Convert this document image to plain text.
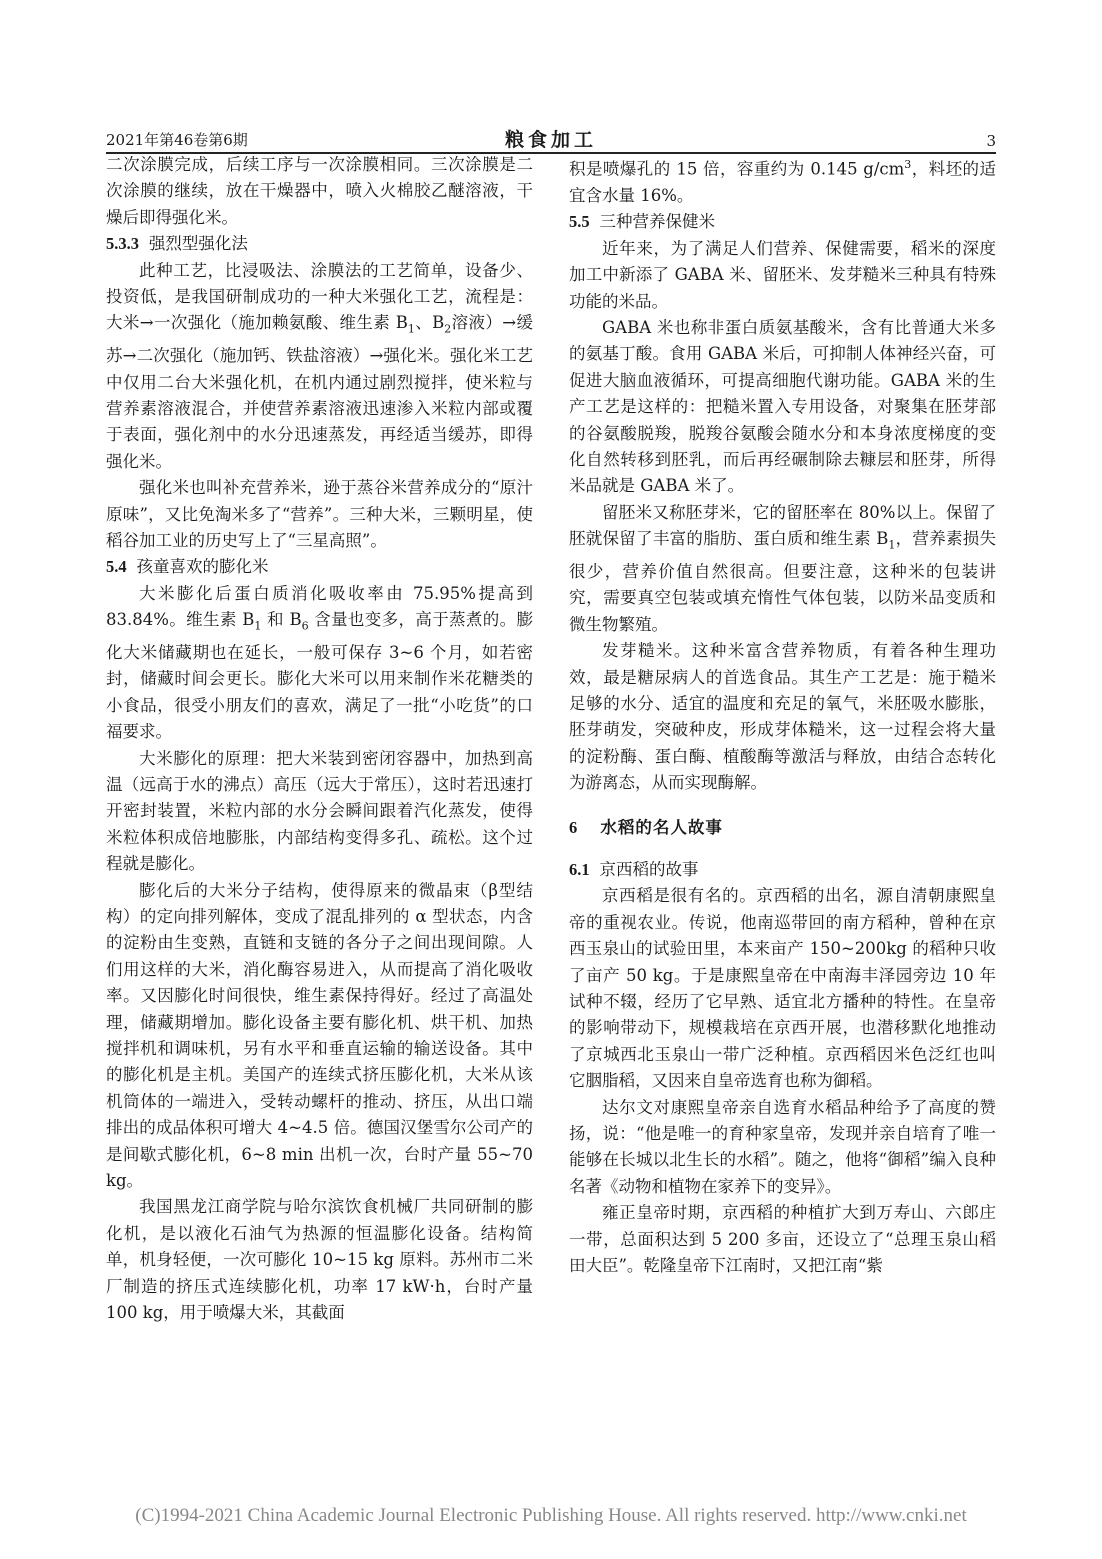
2021年第46卷第6期	粮食加工	3

二次涂膜完成，后续工序与一次涂膜相同。三次涂膜是二次涂膜的继续，放在干燥器中，喷入火棉胶乙醚溶液，干燥后即得强化米。

5.3.3 强烈型强化法

此种工艺，比浸吸法、涂膜法的工艺简单，设备少、投资低，是我国研制成功的一种大米强化工艺，流程是：大米→一次强化（施加赖氨酸、维生素 $B_1$、$B_2$溶液）→缓苏→二次强化（施加钙、铁盐溶液）→强化米。强化米工艺中仅用二台大米强化机，在机内通过剧烈搅拌，使米粒与营养素溶液混合，并使营养素溶液迅速渗入米粒内部或覆于表面，强化剂中的水分迅速蒸发，再经适当缓苏，即得强化米。

强化米也叫补充营养米，逊于蒸谷米营养成分的“原汁原味”，又比免淘米多了“营养”。三种大米，三颗明星，使稻谷加工业的历史写上了“三星高照”。

5.4 孩童喜欢的膨化米

大米膨化后蛋白质消化吸收率由 75.95%提高到 83.84%。维生素 $B_1$ 和 $B_6$ 含量也变多，高于蒸煮的。膨化大米储藏期也在延长，一般可保存 3~6 个月，如若密封，储藏时间会更长。膨化大米可以用来制作米花糖类的小食品，很受小朋友们的喜欢，满足了一批“小吃货”的口福要求。

大米膨化的原理：把大米装到密闭容器中，加热到高温（远高于水的沸点）高压（远大于常压），这时若迅速打开密封装置，米粒内部的水分会瞬间跟着汽化蒸发，使得米粒体积成倍地膨胀，内部结构变得多孔、疏松。这个过程就是膨化。

膨化后的大米分子结构，使得原来的微晶束（β型结构）的定向排列解体，变成了混乱排列的 α 型状态，内含的淀粉由生变熟，直链和支链的各分子之间出现间隙。人们用这样的大米，消化酶容易进入，从而提高了消化吸收率。又因膨化时间很快，维生素保持得好。经过了高温处理，储藏期增加。膨化设备主要有膨化机、烘干机、加热搅拌机和调味机，另有水平和垂直运输的输送设备。其中的膨化机是主机。美国产的连续式挤压膨化机，大米从该机筒体的一端进入，受转动螺杆的推动、挤压，从出口端排出的成品体积可增大 4~4.5 倍。德国汉堡雪尔公司产的是间歇式膨化机，6~8 min 出机一次，台时产量 55~70 kg。

我国黑龙江商学院与哈尔滨饮食机械厂共同研制的膨化机，是以液化石油气为热源的恒温膨化设备。结构简单，机身轻便，一次可膨化 10~15 kg 原料。苏州市二米厂制造的挤压式连续膨化机，功率 17 kW·h，台时产量 100 kg，用于喷爆大米，其截面

积是喷爆孔的 15 倍，容重约为 0.145 $g/cm^3$，料坯的适宜含水量 16%。

5.5 三种营养保健米

近年来，为了满足人们营养、保健需要，稻米的深度加工中新添了 GABA 米、留胚米、发芽糙米三种具有特殊功能的米品。

GABA 米也称非蛋白质氨基酸米，含有比普通大米多的氨基丁酸。食用 GABA 米后，可抑制人体神经兴奋，可促进大脑血液循环，可提高细胞代谢功能。GABA 米的生产工艺是这样的：把糙米置入专用设备，对聚集在胚芽部的谷氨酸脱羧，脱羧谷氨酸会随水分和本身浓度梯度的变化自然转移到胚乳，而后再经碾制除去糠层和胚芽，所得米品就是 GABA 米了。

留胚米又称胚芽米，它的留胚率在 80%以上。保留了胚就保留了丰富的脂肪、蛋白质和维生素 $B_1$，营养素损失很少，营养价值自然很高。但要注意，这种米的包装讲究，需要真空包装或填充惰性气体包装，以防米品变质和微生物繁殖。

发芽糙米。这种米富含营养物质，有着各种生理功效，最是糖尿病人的首选食品。其生产工艺是：施于糙米足够的水分、适宜的温度和充足的氧气，米胚吸水膨胀，胚芽萌发，突破种皮，形成芽体糙米，这一过程会将大量的淀粉酶、蛋白酶、植酸酶等激活与释放，由结合态转化为游离态，从而实现酶解。

6 水稻的名人故事
6.1 京西稻的故事

京西稻是很有名的。京西稻的出名，源自清朝康熙皇帝的重视农业。传说，他南巡带回的南方稻种，曾种在京西玉泉山的试验田里，本来亩产 150~200kg 的稻种只收了亩产 50 kg。于是康熙皇帝在中南海丰泽园旁边 10 年试种不辍，经历了它早熟、适宜北方播种的特性。在皇帝的影响带动下，规模栽培在京西开展，也潜移默化地推动了京城西北玉泉山一带广泛种植。京西稻因米色泛红也叫它胭脂稻，又因来自皇帝选育也称为御稻。

达尔文对康熙皇帝亲自选育水稻品种给予了高度的赞扬，说：“他是唯一的育种家皇帝，发现并亲自培育了唯一能够在长城以北生长的水稻”。随之，他将“御稻”编入良种名著《动物和植物在家养下的变异》。

雍正皇帝时期，京西稻的种植扩大到万寿山、六郎庄一带，总面积达到 5 200 多亩，还设立了“总理玉泉山稻田大臣”。乾隆皇帝下江南时，又把江南“紫

(C)1994-2021 China Academic Journal Electronic Publishing House. All rights reserved. http://www.cnki.net
